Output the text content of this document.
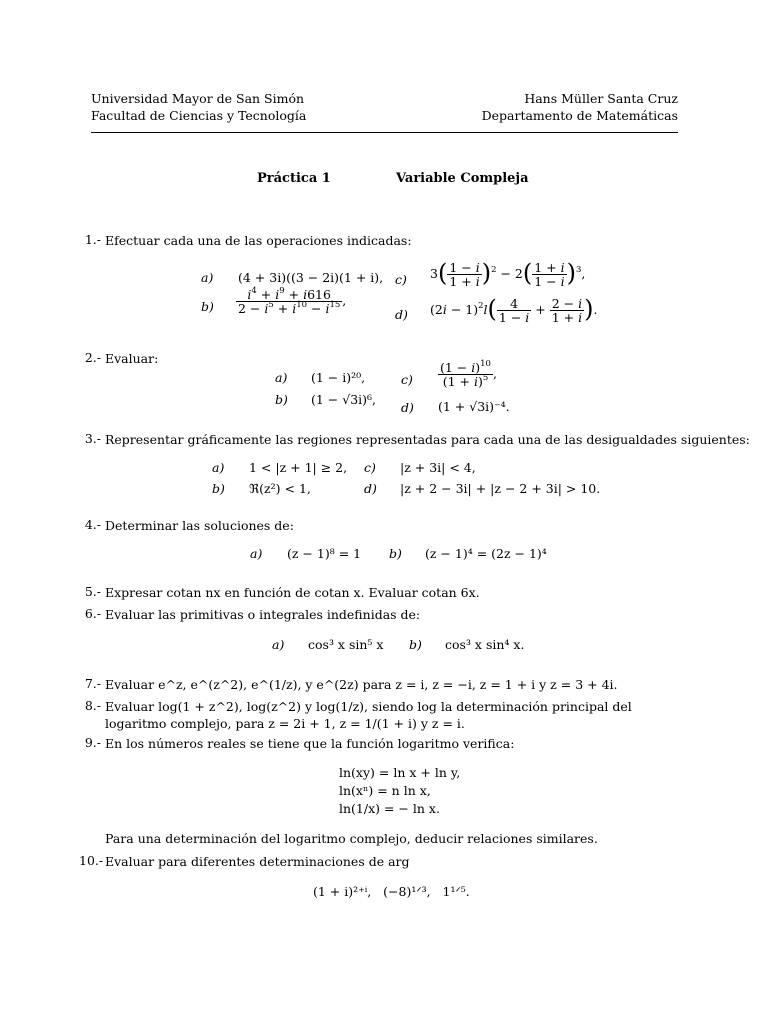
Universidad Mayor de San Simón
Facultad de Ciencias y Tecnología
Hans Müller Santa Cruz
Departamento de Matemáticas
Práctica 1	Variable Compleja
1.- Efectuar cada una de las operaciones indicadas:
a) (4 + 3i)((3 − 2i)(1 + i),
$b) \frac{i^4 + i^9 + i616}{2 - i^5 + i^{10} - i^{15}}$ ,
c) $3( \frac{1 - i}{1 + i} )^2 - 2( \frac{1 + i}{1 - i} )^3$,
d) $(2i - 1)^2l( \frac{4}{1 - i} + \frac{2 - i}{1 + i}$ ).
2.- Evaluar:
a) (1 − i)²⁰,
b) (1 − √3i)⁶,
$c) \frac{(1 - i)^{10}}{(1 + i)^5}$ ,
d) (1 + √3i)⁻⁴.
3.- Representar gráficamente las regiones representadas para cada una de las desigualdades siguientes:
a) 1 < |z + 1| ≥ 2,
b) ℜ(z²) < 1,
c) |z + 3i| < 4,
d) |z + 2 − 3i| + |z − 2 + 3i| > 10.
4.- Determinar las soluciones de:
a) (z − 1)⁸ = 1 b) (z − 1)⁴ = (2z − 1)⁴
5.- Expresar cotan nx en función de cotan x. Evaluar cotan 6x.
6.- Evaluar las primitivas o integrales indefinidas de:
a) cos³ x sin⁵ x b) cos³ x sin⁴ x.
7.- Evaluar e^z, e^(z^2), e^(1/z), y e^(2z) para z = i, z = −i, z = 1 + i y z = 3 + 4i.
8.- Evaluar log(1 + z^2), log(z^2) y log(1/z), siendo log la determinación principal del logaritmo complejo, para z = 2i + 1, z = 1/(1 + i) y z = i.
9.- En los números reales se tiene que la función logaritmo verifica:
ln(xy) = ln x + ln y,
ln(xⁿ) = n ln x,
ln(1/x) = − ln x.
Para una determinación del logaritmo complejo, deducir relaciones similares.
10.- Evaluar para diferentes determinaciones de arg
(1 + i)²⁺ⁱ,   (−8)¹ᐟ³,   1¹ᐟ⁵.
